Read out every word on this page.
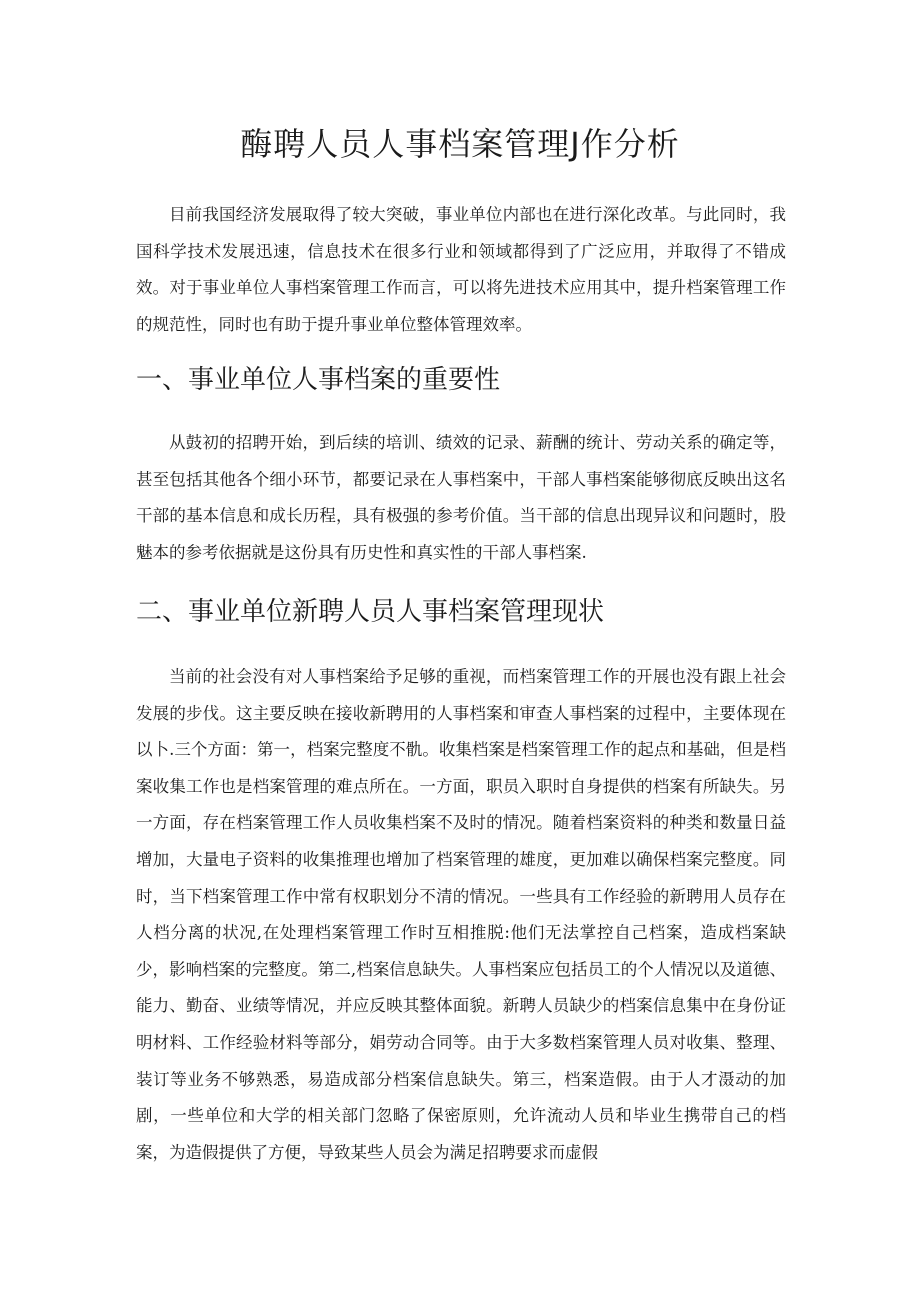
酶聘人员人事档案管理J作分析

目前我国经济发展取得了较大突破，事业单位内部也在进行深化改革。与此同时，我国科学技术发展迅速，信息技术在很多行业和领域都得到了广泛应用，并取得了不错成效。对于事业单位人事档案管理工作而言，可以将先进技术应用其中，提升档案管理工作的规范性，同时也有助于提升事业单位整体管理效率。

一、事业单位人事档案的重要性

从鼓初的招聘开始，到后续的培训、绩效的记录、薪酬的统计、劳动关系的确定等，甚至包括其他各个细小环节，都要记录在人事档案中，干部人事档案能够彻底反映出这名干部的基本信息和成长历程，具有极强的参考价值。当干部的信息出现异议和问题时，股魅本的参考依据就是这份具有历史性和真实性的干部人事档案.

二、事业单位新聘人员人事档案管理现状

当前的社会没有对人事档案给予足够的重视，而档案管理工作的开展也没有跟上社会发展的步伐。这主要反映在接收新聘用的人事档案和审查人事档案的过程中，主要体现在以卜.三个方面：第一，档案完整度不骩。收集档案是档案管理工作的起点和基础，但是档案收集工作也是档案管理的难点所在。一方面，职员入职时自身提供的档案有所缺失。另一方面，存在档案管理工作人员收集档案不及时的情况。随着档案资料的种类和数量日益增加，大量电子资料的收集推理也增加了档案管理的雄度，更加难以确保档案完整度。同时，当下档案管理工作中常有权职划分不清的情况。一些具有工作经验的新聘用人员存在人档分离的状况,在处理档案管理工作时互相推脱:他们无法掌控自己档案，造成档案缺少，影响档案的完整度。第二,档案信息缺失。人事档案应包括员工的个人情况以及道德、能力、勤奋、业绩等情况，并应反映其整体面貌。新聘人员缺少的档案信息集中在身份证明材料、工作经验材料等部分，娟劳动合同等。由于大多数档案管理人员对收集、整理、装订等业务不够熟悉，易造成部分档案信息缺失。第三，档案造假。由于人才滠动的加剧，一些单位和大学的相关部门忽略了保密原则，允许流动人员和毕业生携带自己的档案，为造假提供了方便，导致某些人员会为满足招聘要求而虚假
